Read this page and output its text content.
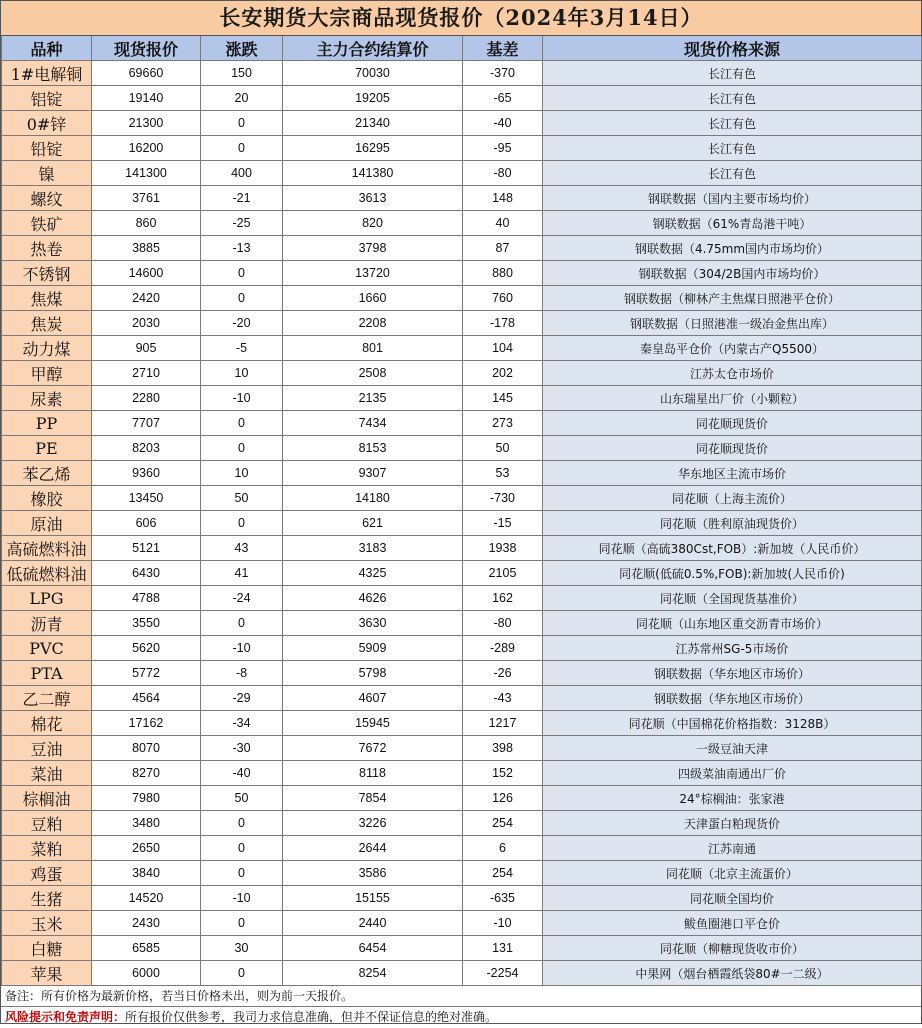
长安期货大宗商品现货报价（2024年3月14日）
品种	现货报价	涨跌	主力合约结算价	基差	现货价格来源
1#电解铜	69660	150	70030	-370	长江有色
铝锭	19140	20	19205	-65	长江有色
0#锌	21300	0	21340	-40	长江有色
铅锭	16200	0	16295	-95	长江有色
镍	141300	400	141380	-80	长江有色
螺纹	3761	-21	3613	148	钢联数据（国内主要市场均价）
铁矿	860	-25	820	40	钢联数据（61%青岛港干吨）
热卷	3885	-13	3798	87	钢联数据（4.75mm国内市场均价）
不锈钢	14600	0	13720	880	钢联数据（304/2B国内市场均价）
焦煤	2420	0	1660	760	钢联数据（柳林产主焦煤日照港平仓价）
焦炭	2030	-20	2208	-178	钢联数据（日照港准一级冶金焦出库）
动力煤	905	-5	801	104	秦皇岛平仓价（内蒙古产Q5500）
甲醇	2710	10	2508	202	江苏太仓市场价
尿素	2280	-10	2135	145	山东瑞星出厂价（小颗粒）
PP	7707	0	7434	273	同花顺现货价
PE	8203	0	8153	50	同花顺现货价
苯乙烯	9360	10	9307	53	华东地区主流市场价
橡胶	13450	50	14180	-730	同花顺（上海主流价）
原油	606	0	621	-15	同花顺（胜利原油现货价）
高硫燃料油	5121	43	3183	1938	同花顺（高硫380Cst,FOB）:新加坡（人民币价）
低硫燃料油	6430	41	4325	2105	同花顺(低硫0.5%,FOB):新加坡(人民币价)
LPG	4788	-24	4626	162	同花顺（全国现货基准价）
沥青	3550	0	3630	-80	同花顺（山东地区重交沥青市场价）
PVC	5620	-10	5909	-289	江苏常州SG-5市场价
PTA	5772	-8	5798	-26	钢联数据（华东地区市场价）
乙二醇	4564	-29	4607	-43	钢联数据（华东地区市场价）
棉花	17162	-34	15945	1217	同花顺（中国棉花价格指数：3128B）
豆油	8070	-30	7672	398	一级豆油天津
菜油	8270	-40	8118	152	四级菜油南通出厂价
棕榈油	7980	50	7854	126	24°棕榈油：张家港
豆粕	3480	0	3226	254	天津蛋白粕现货价
菜粕	2650	0	2644	6	江苏南通
鸡蛋	3840	0	3586	254	同花顺（北京主流蛋价）
生猪	14520	-10	15155	-635	同花顺全国均价
玉米	2430	0	2440	-10	鲅鱼圈港口平仓价
白糖	6585	30	6454	131	同花顺（柳糖现货收市价）
苹果	6000	0	8254	-2254	中果网（烟台栖霞纸袋80#一二级）
备注：所有价格为最新价格，若当日价格未出，则为前一天报价。
风险提示和免责声明：所有报价仅供参考，我司力求信息准确，但并不保证信息的绝对准确。
